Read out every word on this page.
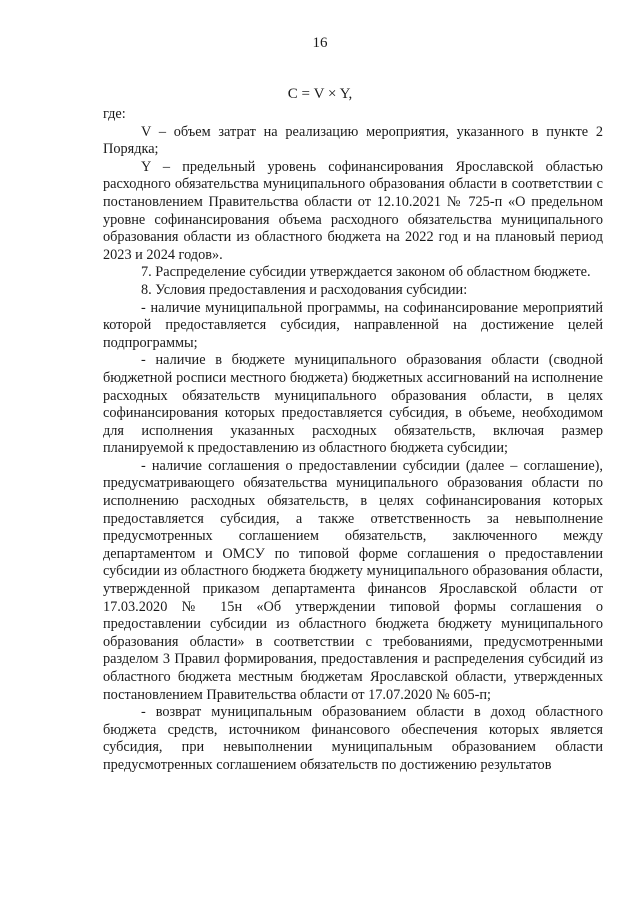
16
С = V × Y,

где:

V – объем затрат на реализацию мероприятия, указанного в пункте 2 Порядка;

Y – предельный уровень софинансирования Ярославской областью расходного обязательства муниципального образования области в соответствии с постановлением Правительства области от 12.10.2021 № 725-п «О предельном уровне софинансирования объема расходного обязательства муниципального образования области из областного бюджета на 2022 год и на плановый период 2023 и 2024 годов».

7. Распределение субсидии утверждается законом об областном бюджете.

8. Условия предоставления и расходования субсидии:

- наличие муниципальной программы, на софинансирование мероприятий которой предоставляется субсидия, направленной на достижение целей подпрограммы;

- наличие в бюджете муниципального образования области (сводной бюджетной росписи местного бюджета) бюджетных ассигнований на исполнение расходных обязательств муниципального образования области, в целях софинансирования которых предоставляется субсидия, в объеме, необходимом для исполнения указанных расходных обязательств, включая размер планируемой к предоставлению из областного бюджета субсидии;

- наличие соглашения о предоставлении субсидии (далее – соглашение), предусматривающего обязательства муниципального образования области по исполнению расходных обязательств, в целях софинансирования которых предоставляется субсидия, а также ответственность за невыполнение предусмотренных соглашением обязательств, заключенного между департаментом и ОМСУ по типовой форме соглашения о предоставлении субсидии из областного бюджета бюджету муниципального образования области, утвержденной приказом департамента финансов Ярославской области от 17.03.2020 № 15н «Об утверждении типовой формы соглашения о предоставлении субсидии из областного бюджета бюджету муниципального образования области» в соответствии с требованиями, предусмотренными разделом 3 Правил формирования, предоставления и распределения субсидий из областного бюджета местным бюджетам Ярославской области, утвержденных постановлением Правительства области от 17.07.2020 № 605-п;

- возврат муниципальным образованием области в доход областного бюджета средств, источником финансового обеспечения которых является субсидия, при невыполнении муниципальным образованием области предусмотренных соглашением обязательств по достижению результатов
